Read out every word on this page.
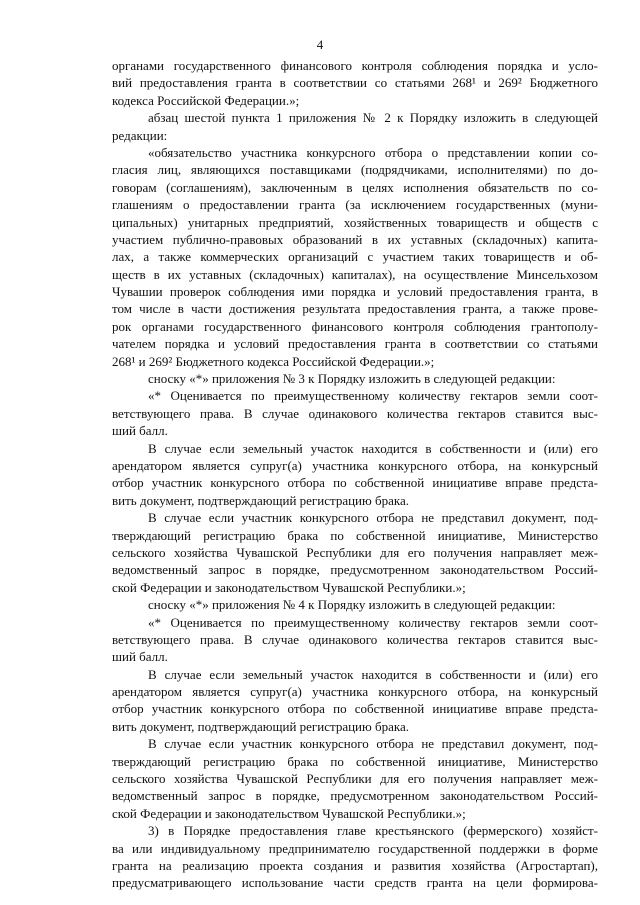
4
органами государственного финансового контроля соблюдения порядка и усло-
вий предоставления гранта в соответствии со статьями 268¹ и 269² Бюджетного
кодекса Российской Федерации.»;
абзац шестой пункта 1 приложения № 2 к Порядку изложить в следующей
редакции:
«обязательство участника конкурсного отбора о представлении копии со-
гласия лиц, являющихся поставщиками (подрядчиками, исполнителями) по до-
говорам (соглашениям), заключенным в целях исполнения обязательств по со-
глашениям о предоставлении гранта (за исключением государственных (муни-
ципальных) унитарных предприятий, хозяйственных товариществ и обществ с
участием публично-правовых образований в их уставных (складочных) капита-
лах, а также коммерческих организаций с участием таких товариществ и об-
ществ в их уставных (складочных) капиталах), на осуществление Минсельхозом
Чувашии проверок соблюдения ими порядка и условий предоставления гранта, в
том числе в части достижения результата предоставления гранта, а также прове-
рок органами государственного финансового контроля соблюдения грантополу-
чателем порядка и условий предоставления гранта в соответствии со статьями
268¹ и 269² Бюджетного кодекса Российской Федерации.»;
сноску «*» приложения № 3 к Порядку изложить в следующей редакции:
«* Оценивается по преимущественному количеству гектаров земли соот-
ветствующего права. В случае одинакового количества гектаров ставится выс-
ший балл.
В случае если земельный участок находится в собственности и (или) его
арендатором является супруг(а) участника конкурсного отбора, на конкурсный
отбор участник конкурсного отбора по собственной инициативе вправе предста-
вить документ, подтверждающий регистрацию брака.
В случае если участник конкурсного отбора не представил документ, под-
тверждающий регистрацию брака по собственной инициативе, Министерство
сельского хозяйства Чувашской Республики для его получения направляет меж-
ведомственный запрос в порядке, предусмотренном законодательством Россий-
ской Федерации и законодательством Чувашской Республики.»;
сноску «*» приложения № 4 к Порядку изложить в следующей редакции:
«* Оценивается по преимущественному количеству гектаров земли соот-
ветствующего права. В случае одинакового количества гектаров ставится выс-
ший балл.
В случае если земельный участок находится в собственности и (или) его
арендатором является супруг(а) участника конкурсного отбора, на конкурсный
отбор участник конкурсного отбора по собственной инициативе вправе предста-
вить документ, подтверждающий регистрацию брака.
В случае если участник конкурсного отбора не представил документ, под-
тверждающий регистрацию брака по собственной инициативе, Министерство
сельского хозяйства Чувашской Республики для его получения направляет меж-
ведомственный запрос в порядке, предусмотренном законодательством Россий-
ской Федерации и законодательством Чувашской Республики.»;
3) в Порядке предоставления главе крестьянского (фермерского) хозяйст-
ва или индивидуальному предпринимателю государственной поддержки в форме
гранта на реализацию проекта создания и развития хозяйства (Агростартап),
предусматривающего использование части средств гранта на цели формирова-
